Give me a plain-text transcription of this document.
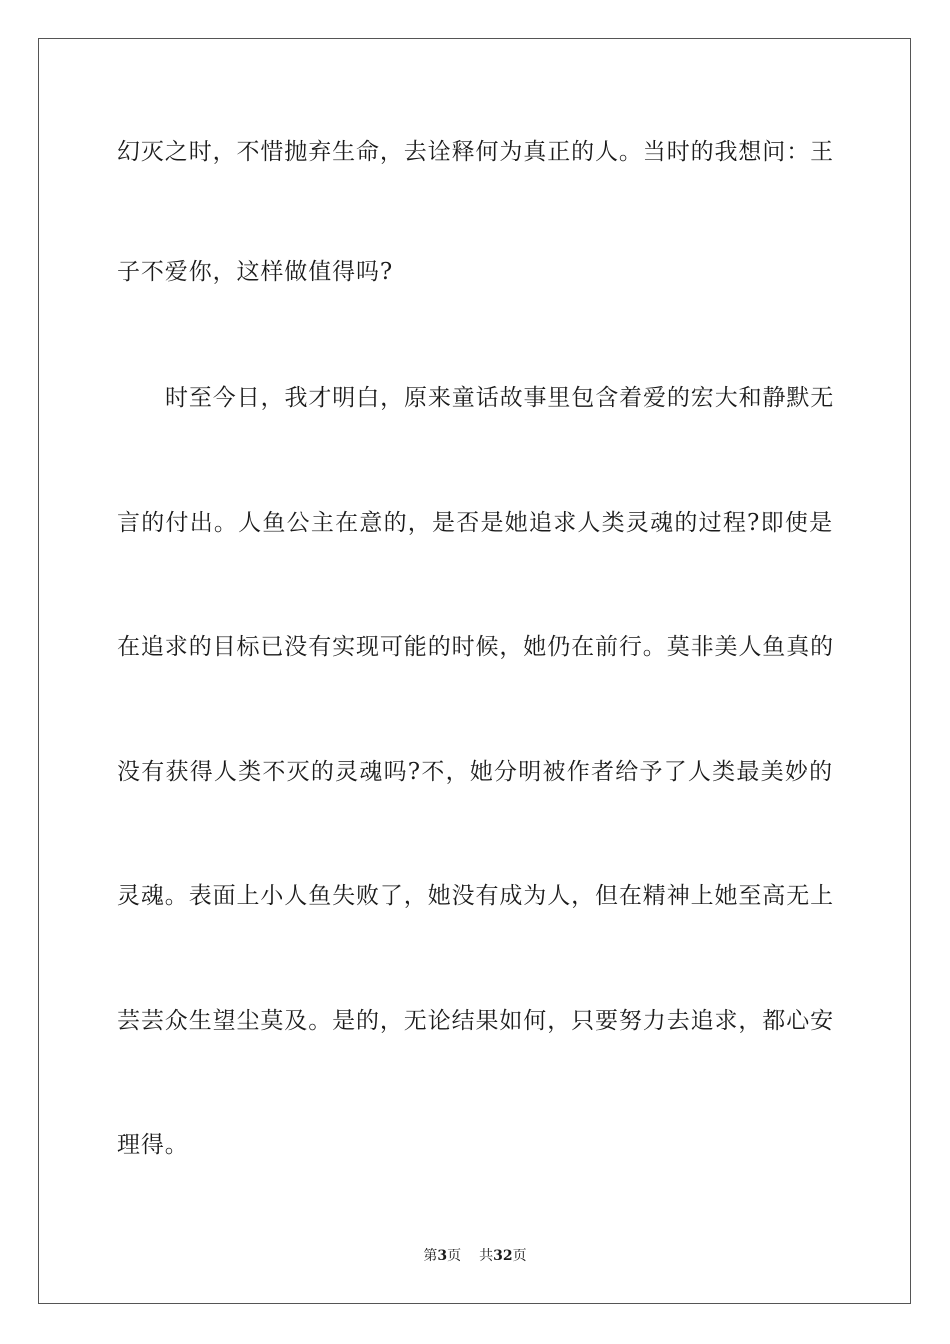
幻灭之时，不惜抛弃生命，去诠释何为真正的人。当时的我想问：王
子不爱你，这样做值得吗?
时至今日，我才明白，原来童话故事里包含着爱的宏大和静默无
言的付出。人鱼公主在意的，是否是她追求人类灵魂的过程?即使是
在追求的目标已没有实现可能的时候，她仍在前行。莫非美人鱼真的
没有获得人类不灭的灵魂吗?不，她分明被作者给予了人类最美妙的
灵魂。表面上小人鱼失败了，她没有成为人，但在精神上她至高无上
芸芸众生望尘莫及。是的，无论结果如何，只要努力去追求，都心安
理得。
第3页 共32页
